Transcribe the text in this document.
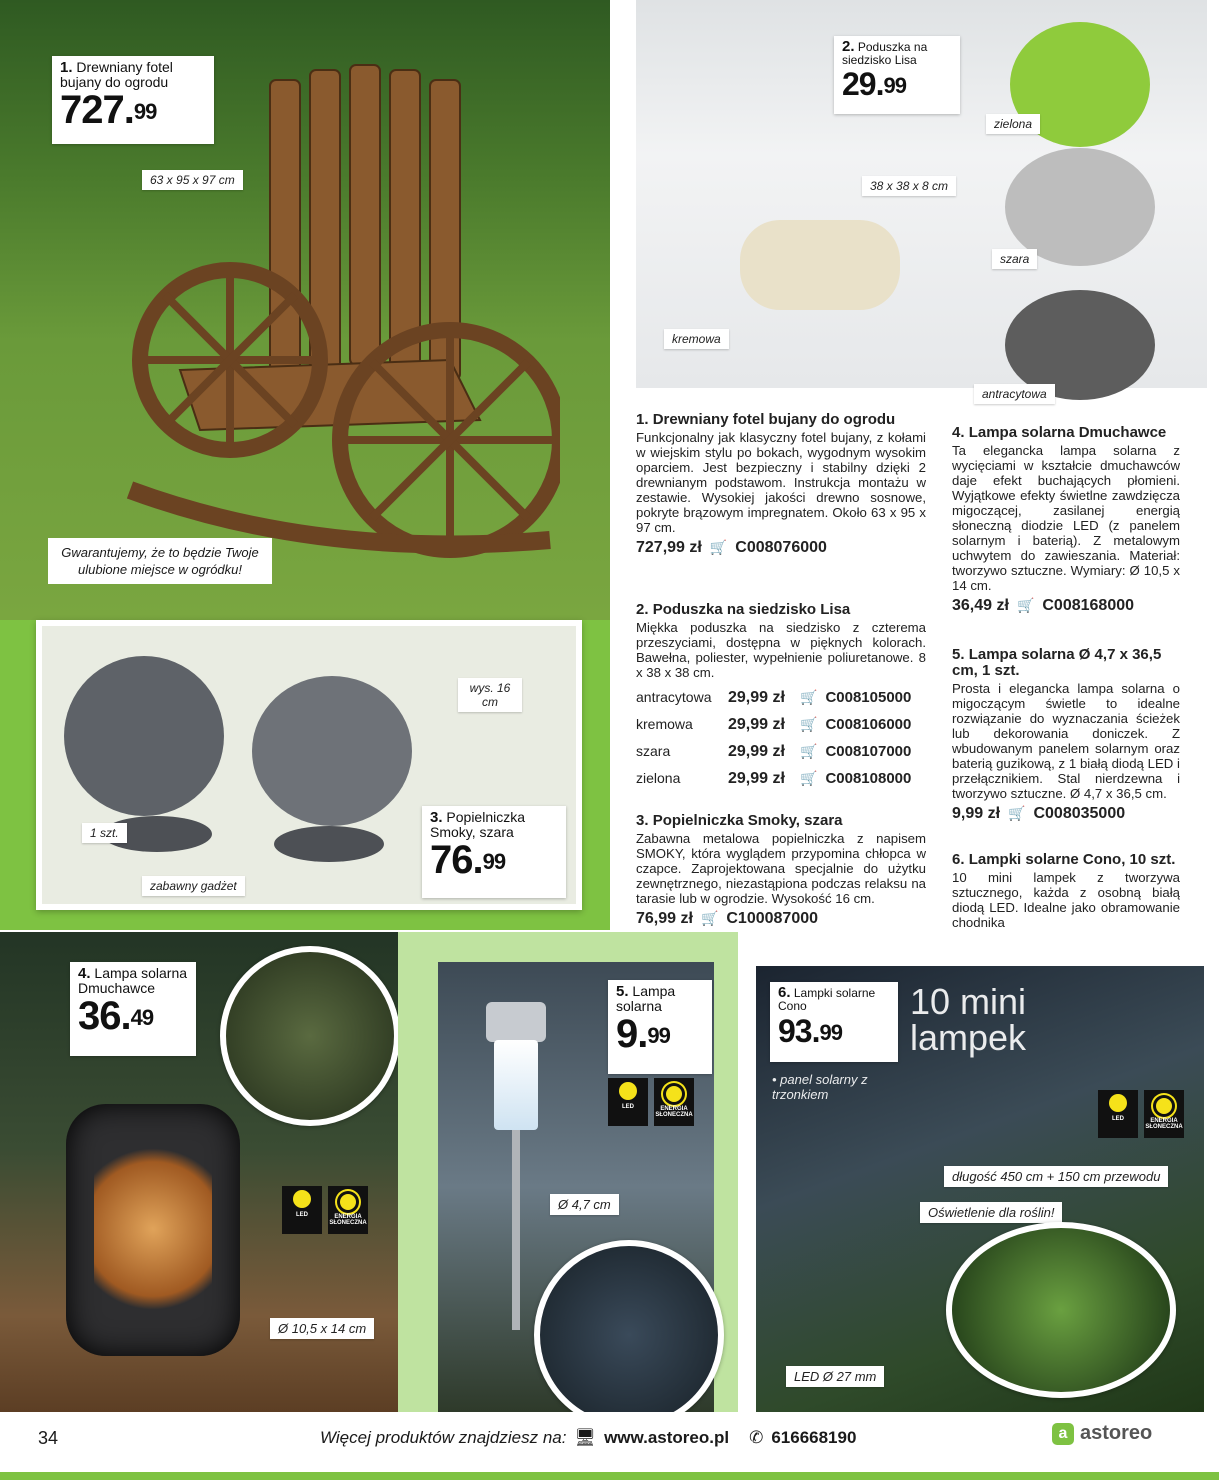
1. Drewniany fotel bujany do ogrodu
727.99
63 x 95 x 97 cm
Gwarantujemy, że to będzie Twoje ulubione miejsce w ogródku!
2. Poduszka na siedzisko Lisa
29.99
38 x 38 x 8 cm
zielona
szara
antracytowa
kremowa
wys. 16 cm
1 szt.
zabawny gadżet
3. Popielniczka Smoky, szara
76.99
1. Drewniany fotel bujany do ogrodu

Funkcjonalny jak klasyczny fotel bujany, z kołami w wiejskim stylu po bokach, wygodnym wysokim oparciem. Jest bezpieczny i stabilny dzięki 2 drewnianym podstawom. Instrukcja montażu w zestawie. Wysokiej jakości drewno sosnowe, pokryte brązowym impregnatem. Około 63 x 95 x 97 cm.

727,99 zł 🛒 C008076000
2. Poduszka na siedzisko Lisa

Miękka poduszka na siedzisko z czterema przeszyciami, dostępna w pięknych kolorach. Bawełna, poliester, wypełnienie poliuretanowe. 8 x 38 x 38 cm.

antracytowa	29,99 zł	🛒 C008105000
kremowa	29,99 zł	🛒 C008106000
szara	29,99 zł	🛒 C008107000
zielona	29,99 zł	🛒 C008108000
3. Popielniczka Smoky, szara

Zabawna metalowa popielniczka z napisem SMOKY, która wyglądem przypomina chłopca w czapce. Zaprojektowana specjalnie do użytku zewnętrznego, niezastąpiona podczas relaksu na tarasie lub w ogrodzie. Wysokość 16 cm.

76,99 zł 🛒 C100087000
4. Lampa solarna Dmuchawce

Ta elegancka lampa solarna z wycięciami w kształcie dmuchawców daje efekt buchających płomieni. Wyjątkowe efekty świetlne zawdzięcza migoczącej, zasilanej energią słoneczną diodzie LED (z panelem solarnym i baterią). Z metalowym uchwytem do zawieszania. Materiał: tworzywo sztuczne. Wymiary: Ø 10,5 x 14 cm.

36,49 zł 🛒 C008168000
5. Lampa solarna Ø 4,7 x 36,5 cm, 1 szt.

Prosta i elegancka lampa solarna o migoczącym świetle to idealne rozwiązanie do wyznaczania ścieżek lub dekorowania doniczek. Z wbudowanym panelem solarnym oraz baterią guzikową, z 1 białą diodą LED i przełącznikiem. Stal nierdzewna i tworzywo sztuczne. Ø 4,7 x 36,5 cm.

9,99 zł 🛒 C008035000
6. Lampki solarne Cono, 10 szt.

10 mini lampek z tworzywa sztucznego, każda z osobną białą diodą LED. Idealne jako obramowanie chodnika

4. Lampa solarna Dmuchawce
36.49
LED	ENERGIA SŁONECZNA
Ø 10,5 x 14 cm
5. Lampa solarna
9.99
LED	ENERGIA SŁONECZNA
Ø 4,7 cm
10 mini lampek
6. Lampki solarne Cono
93.99
• panel solarny z trzonkiem
LED	ENERGIA SŁONECZNA
długość 450 cm + 150 cm przewodu
Oświetlenie dla roślin!
LED Ø 27 mm
34	Więcej produktów znajdziesz na: 🖥 www.astoreo.pl ✆ 616668190	a astoreo
